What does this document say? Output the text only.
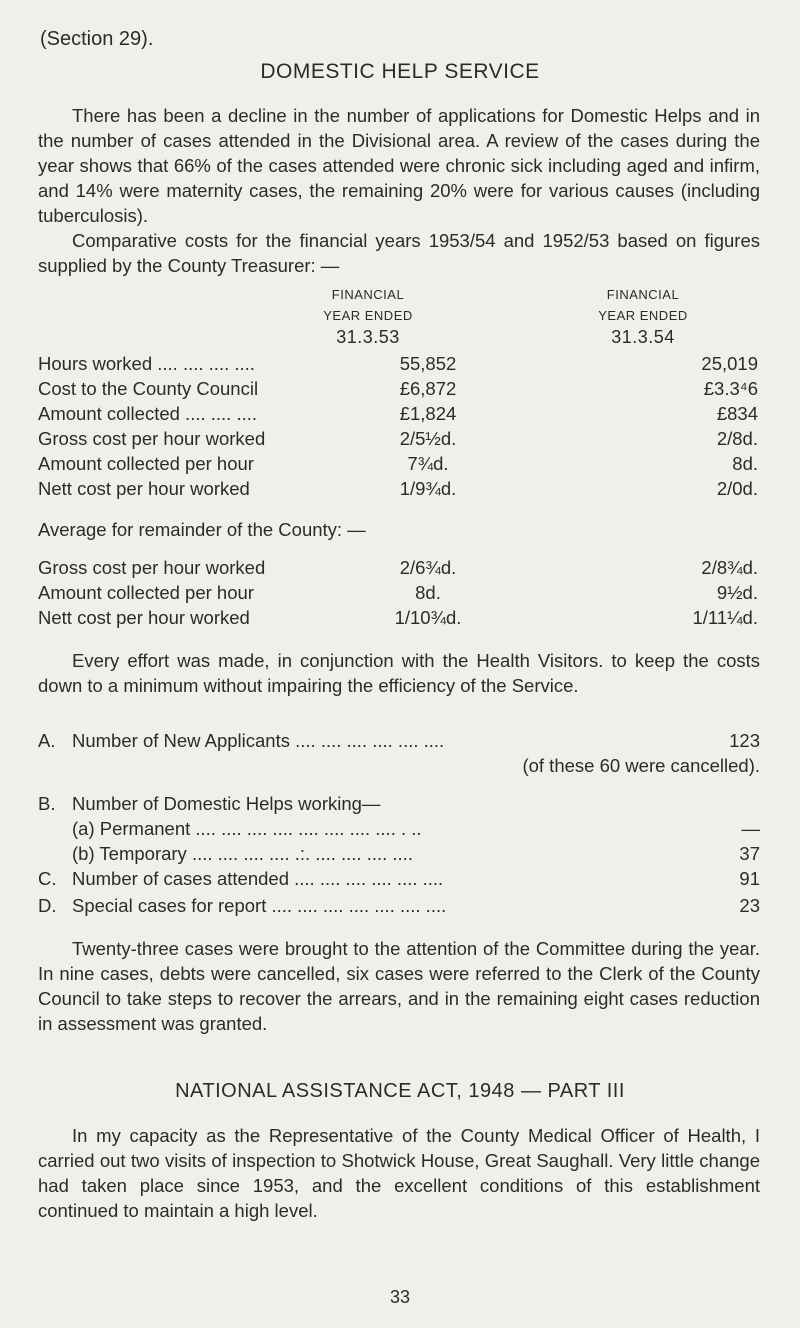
(Section 29).
DOMESTIC HELP SERVICE
There has been a decline in the number of applications for Domestic Helps and in the number of cases attended in the Divisional area. A review of the cases during the year shows that 66% of the cases attended were chronic sick including aged and infirm, and 14% were maternity cases, the remaining 20% were for various causes (including tuberculosis).
Comparative costs for the financial years 1953/54 and 1952/53 based on figures supplied by the County Treasurer: —
FINANCIAL
YEAR ENDED
31.3.53
FINANCIAL
YEAR ENDED
31.3.54
Hours worked .... .... .... ....	55,852	25,019
Cost to the County Council	£6,872	£3.3⁴6
Amount collected .... .... ....	£1,824	£834
Gross cost per hour worked	2/5½d.	2/8d.
Amount collected per hour	7¾d.	8d.
Nett cost per hour worked	1/9¾d.	2/0d.
Average for remainder of the County: —
Gross cost per hour worked	2/6¾d.	2/8¾d.
Amount collected per hour	8d.	9½d.
Nett cost per hour worked	1/10¾d.	1/11¼d.
Every effort was made, in conjunction with the Health Visitors. to keep the costs down to a minimum without impairing the efficiency of the Service.
A. Number of New Applicants .... .... .... .... .... ....	123
(of these 60 were cancelled).
B. Number of Domestic Helps working—
(a) Permanent .... .... .... .... .... .... .... .... . ..	—
(b) Temporary .... .... .... .... .:. .... .... .... ....	37
C. Number of cases attended .... .... .... .... .... ....	91
D. Special cases for report .... .... .... .... .... .... ....	23
Twenty-three cases were brought to the attention of the Committee during the year. In nine cases, debts were cancelled, six cases were referred to the Clerk of the County Council to take steps to recover the arrears, and in the remaining eight cases reduction in assessment was granted.
NATIONAL ASSISTANCE ACT, 1948 — PART III
In my capacity as the Representative of the County Medical Officer of Health, I carried out two visits of inspection to Shotwick House, Great Saughall. Very little change had taken place since 1953, and the excellent conditions of this establishment continued to maintain a high level.
33
